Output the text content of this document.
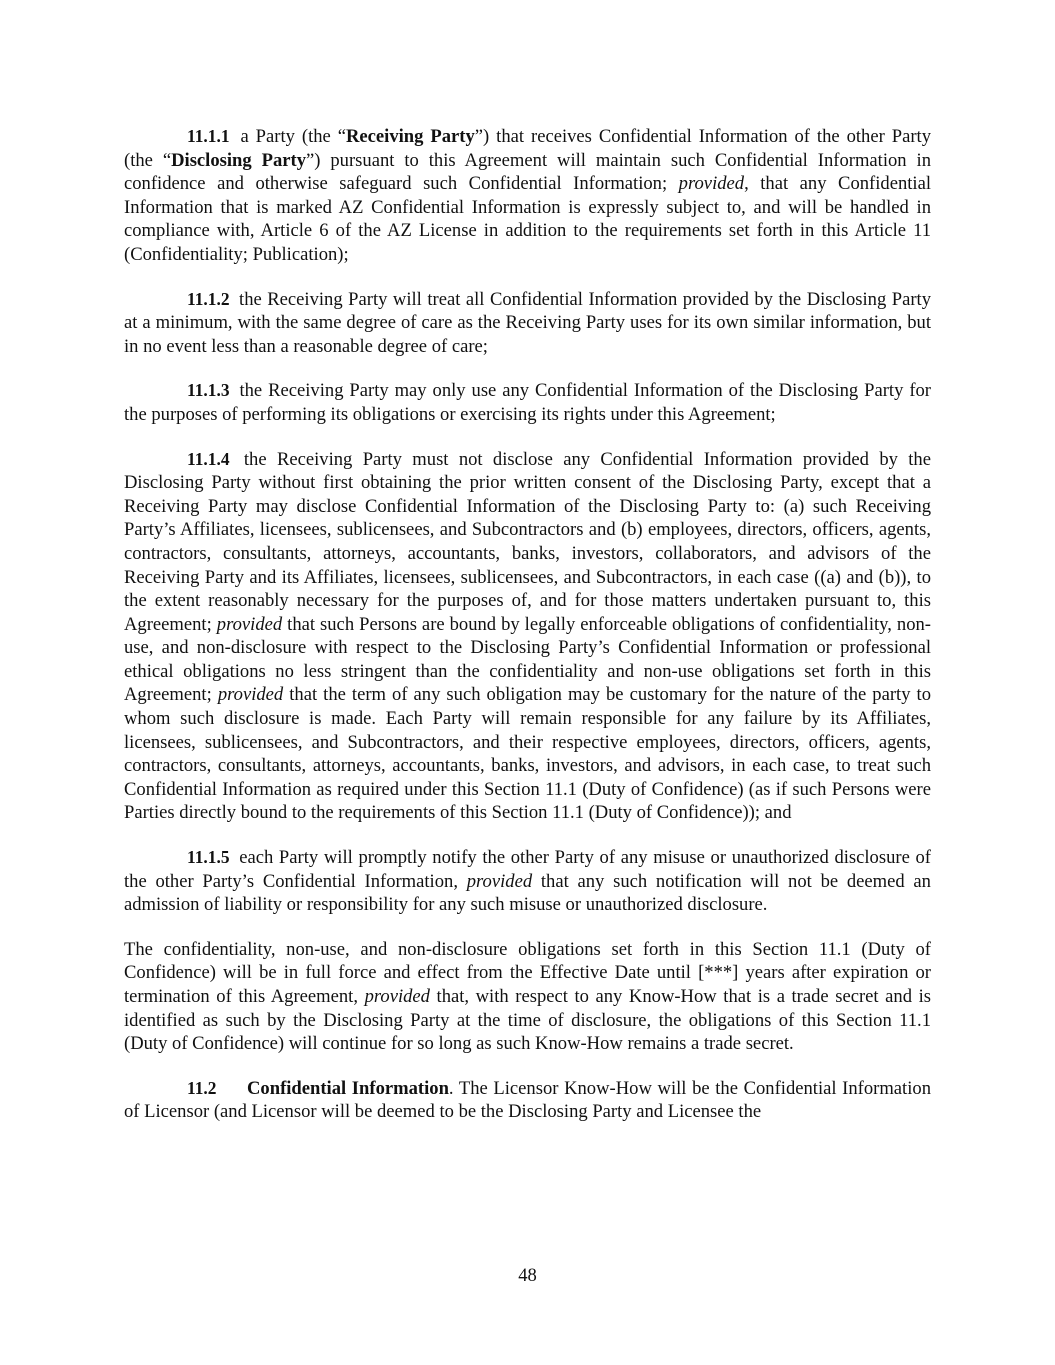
11.1.1 a Party (the “Receiving Party”) that receives Confidential Information of the other Party (the “Disclosing Party”) pursuant to this Agreement will maintain such Confidential Information in confidence and otherwise safeguard such Confidential Information; provided, that any Confidential Information that is marked AZ Confidential Information is expressly subject to, and will be handled in compliance with, Article 6 of the AZ License in addition to the requirements set forth in this Article 11 (Confidentiality; Publication);

11.1.2 the Receiving Party will treat all Confidential Information provided by the Disclosing Party at a minimum, with the same degree of care as the Receiving Party uses for its own similar information, but in no event less than a reasonable degree of care;

11.1.3 the Receiving Party may only use any Confidential Information of the Disclosing Party for the purposes of performing its obligations or exercising its rights under this Agreement;

11.1.4 the Receiving Party must not disclose any Confidential Information provided by the Disclosing Party without first obtaining the prior written consent of the Disclosing Party, except that a Receiving Party may disclose Confidential Information of the Disclosing Party to: (a) such Receiving Party’s Affiliates, licensees, sublicensees, and Subcontractors and (b) employees, directors, officers, agents, contractors, consultants, attorneys, accountants, banks, investors, collaborators, and advisors of the Receiving Party and its Affiliates, licensees, sublicensees, and Subcontractors, in each case ((a) and (b)), to the extent reasonably necessary for the purposes of, and for those matters undertaken pursuant to, this Agreement; provided that such Persons are bound by legally enforceable obligations of confidentiality, non-use, and non-disclosure with respect to the Disclosing Party’s Confidential Information or professional ethical obligations no less stringent than the confidentiality and non-use obligations set forth in this Agreement; provided that the term of any such obligation may be customary for the nature of the party to whom such disclosure is made. Each Party will remain responsible for any failure by its Affiliates, licensees, sublicensees, and Subcontractors, and their respective employees, directors, officers, agents, contractors, consultants, attorneys, accountants, banks, investors, and advisors, in each case, to treat such Confidential Information as required under this Section 11.1 (Duty of Confidence) (as if such Persons were Parties directly bound to the requirements of this Section 11.1 (Duty of Confidence)); and

11.1.5 each Party will promptly notify the other Party of any misuse or unauthorized disclosure of the other Party’s Confidential Information, provided that any such notification will not be deemed an admission of liability or responsibility for any such misuse or unauthorized disclosure.

The confidentiality, non-use, and non-disclosure obligations set forth in this Section 11.1 (Duty of Confidence) will be in full force and effect from the Effective Date until [***] years after expiration or termination of this Agreement, provided that, with respect to any Know-How that is a trade secret and is identified as such by the Disclosing Party at the time of disclosure, the obligations of this Section 11.1 (Duty of Confidence) will continue for so long as such Know-How remains a trade secret.

11.2 Confidential Information. The Licensor Know-How will be the Confidential Information of Licensor (and Licensor will be deemed to be the Disclosing Party and Licensee the

48
